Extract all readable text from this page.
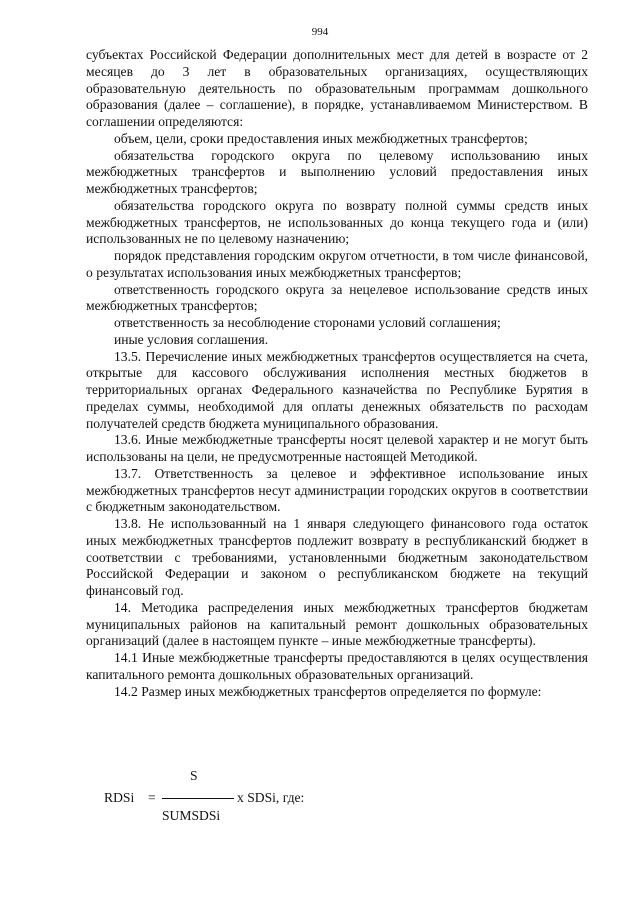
994

субъектах Российской Федерации дополнительных мест для детей в возрасте от 2 месяцев до 3 лет в образовательных организациях, осуществляющих образовательную деятельность по образовательным программам дошкольного образования (далее – соглашение), в порядке, устанавливаемом Министерством. В соглашении определяются:

объем, цели, сроки предоставления иных межбюджетных трансфертов;

обязательства городского округа по целевому использованию иных межбюджетных трансфертов и выполнению условий предоставления иных межбюджетных трансфертов;

обязательства городского округа по возврату полной суммы средств иных межбюджетных трансфертов, не использованных до конца текущего года и (или) использованных не по целевому назначению;

порядок представления городским округом отчетности, в том числе финансовой, о результатах использования иных межбюджетных трансфертов;

ответственность городского округа за нецелевое использование средств иных межбюджетных трансфертов;

ответственность за несоблюдение сторонами условий соглашения;

иные условия соглашения.

13.5. Перечисление иных межбюджетных трансфертов осуществляется на счета, открытые для кассового обслуживания исполнения местных бюджетов в территориальных органах Федерального казначейства по Республике Бурятия в пределах суммы, необходимой для оплаты денежных обязательств по расходам получателей средств бюджета муниципального образования.

13.6. Иные межбюджетные трансферты носят целевой характер и не могут быть использованы на цели, не предусмотренные настоящей Методикой.

13.7. Ответственность за целевое и эффективное использование иных межбюджетных трансфертов несут администрации городских округов в соответствии с бюджетным законодательством.

13.8. Не использованный на 1 января следующего финансового года остаток иных межбюджетных трансфертов подлежит возврату в республиканский бюджет в соответствии с требованиями, установленными бюджетным законодательством Российской Федерации и законом о республиканском бюджете на текущий финансовый год.

14. Методика распределения иных межбюджетных трансфертов бюджетам муниципальных районов на капитальный ремонт дошкольных образовательных организаций (далее в настоящем пункте – иные межбюджетные трансферты).

14.1 Иные межбюджетные трансферты предоставляются в целях осуществления капитального ремонта дошкольных образовательных организаций.

14.2 Размер иных межбюджетных трансфертов определяется по формуле:

S
RDSi =	x SDSi, где:
SUMSDSi
